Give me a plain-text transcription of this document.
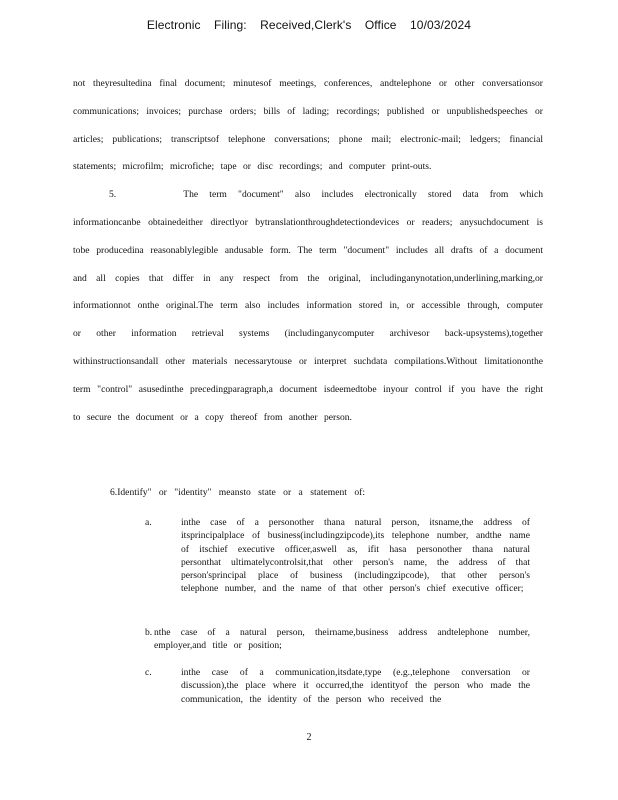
Electronic Filing: Received,Clerk's Office 10/03/2024

not theyresultedina final document; minutesof meetings, conferences, andtelephone or other conversationsor communications; invoices; purchase orders; bills of lading; recordings; published or unpublishedspeeches or articles; publications; transcriptsof telephone conversations; phone mail; electronic-mail; ledgers; financial statements; microfilm; microfiche; tape or disc recordings; and computer print-outs.

5.	The term "document" also includes electronically stored data from which informationcanbe obtainedeither directlyor bytranslationthroughdetectiondevices or readers; anysuchdocument is tobe producedina reasonablylegible andusable form. The term "document" includes all drafts of a document and all copies that differ in any respect from the original, includinganynotation,underlining,marking,or informationnot onthe original.The term also includes information stored in, or accessible through, computer or other information retrieval systems (includinganycomputer archivesor back-upsystems),together withinstructionsandall other materials necessarytouse or interpret suchdata compilations.Without limitationonthe term "control" asusedinthe precedingparagraph,a document isdeemedtobe inyour control if you have the right to secure the document or a copy thereof from another person.

6.Identify" or "identity" meansto state or a statement of:
a.	inthe case of a personother thana natural person, itsname,the address of itsprincipalplace of business(includingzipcode),its telephone number, andthe name of itschief executive officer,aswell as, ifit hasa personother thana natural personthat ultimatelycontrolsit,that other person's name, the address of that person'sprincipal place of business (includingzipcode), that other person's telephone number, and the name of that other person's chief executive officer;
b. nthe case of a natural person, theirname,business address andtelephone number, employer,and title or position;
c.	inthe case of a communication,itsdate,type (e.g.,telephone conversation or discussion),the place where it occurred,the identityof the person who made the communication, the identity of the person who received the
2
